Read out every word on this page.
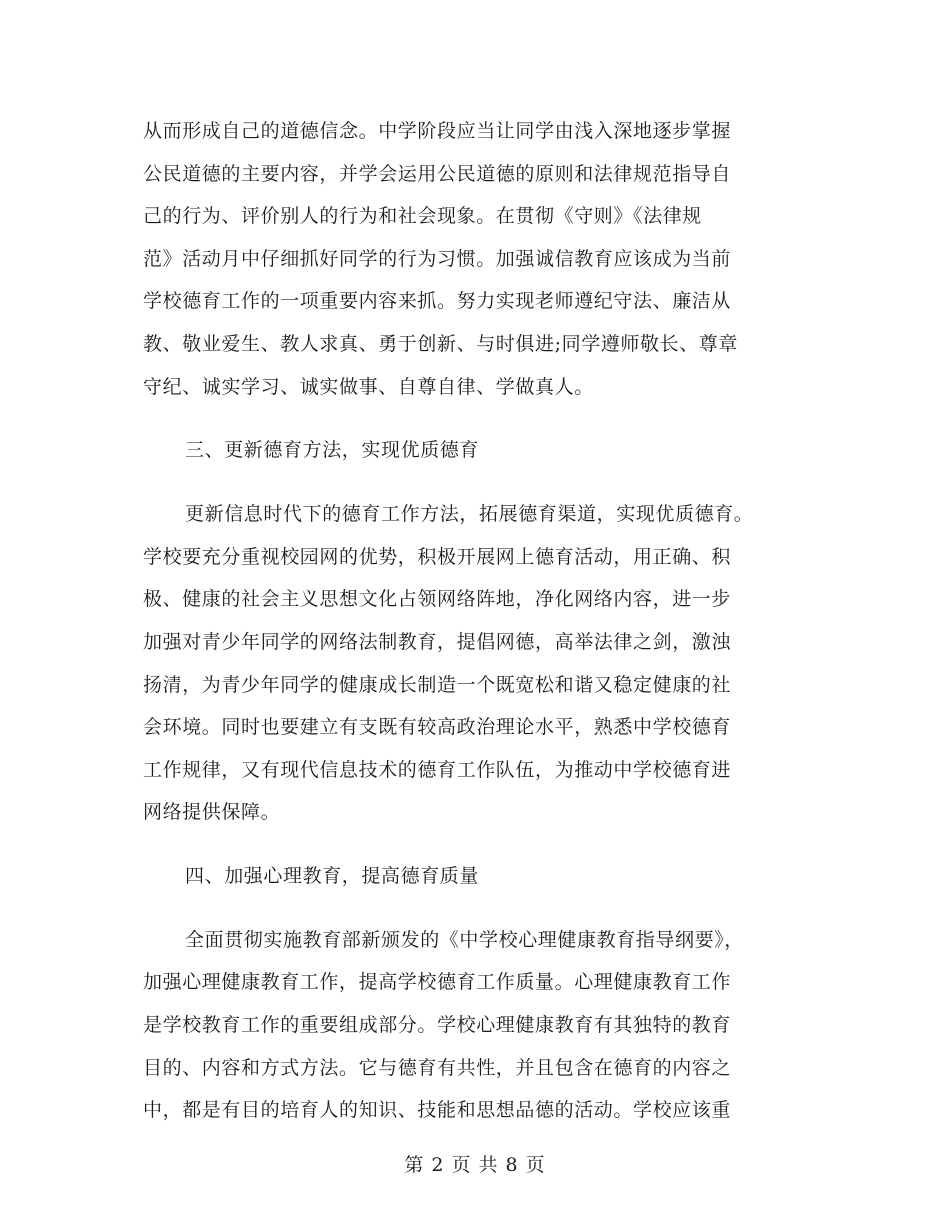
从而形成自己的道德信念。中学阶段应当让同学由浅入深地逐步掌握
公民道德的主要内容，并学会运用公民道德的原则和法律规范指导自
己的行为、评价别人的行为和社会现象。在贯彻《守则》《法律规
范》活动月中仔细抓好同学的行为习惯。加强诚信教育应该成为当前
学校德育工作的一项重要内容来抓。努力实现老师遵纪守法、廉洁从
教、敬业爱生、教人求真、勇于创新、与时俱进;同学遵师敬长、尊章
守纪、诚实学习、诚实做事、自尊自律、学做真人。
三、更新德育方法，实现优质德育
更新信息时代下的德育工作方法，拓展德育渠道，实现优质德育。
学校要充分重视校园网的优势，积极开展网上德育活动，用正确、积
极、健康的社会主义思想文化占领网络阵地，净化网络内容，进一步
加强对青少年同学的网络法制教育，提倡网德，高举法律之剑，激浊
扬清，为青少年同学的健康成长制造一个既宽松和谐又稳定健康的社
会环境。同时也要建立有支既有较高政治理论水平，熟悉中学校德育
工作规律，又有现代信息技术的德育工作队伍，为推动中学校德育进
网络提供保障。
四、加强心理教育，提高德育质量
全面贯彻实施教育部新颁发的《中学校心理健康教育指导纲要》，
加强心理健康教育工作，提高学校德育工作质量。心理健康教育工作
是学校教育工作的重要组成部分。学校心理健康教育有其独特的教育
目的、内容和方式方法。它与德育有共性，并且包含在德育的内容之
中，都是有目的培育人的知识、技能和思想品德的活动。学校应该重
第 2 页 共 8 页
